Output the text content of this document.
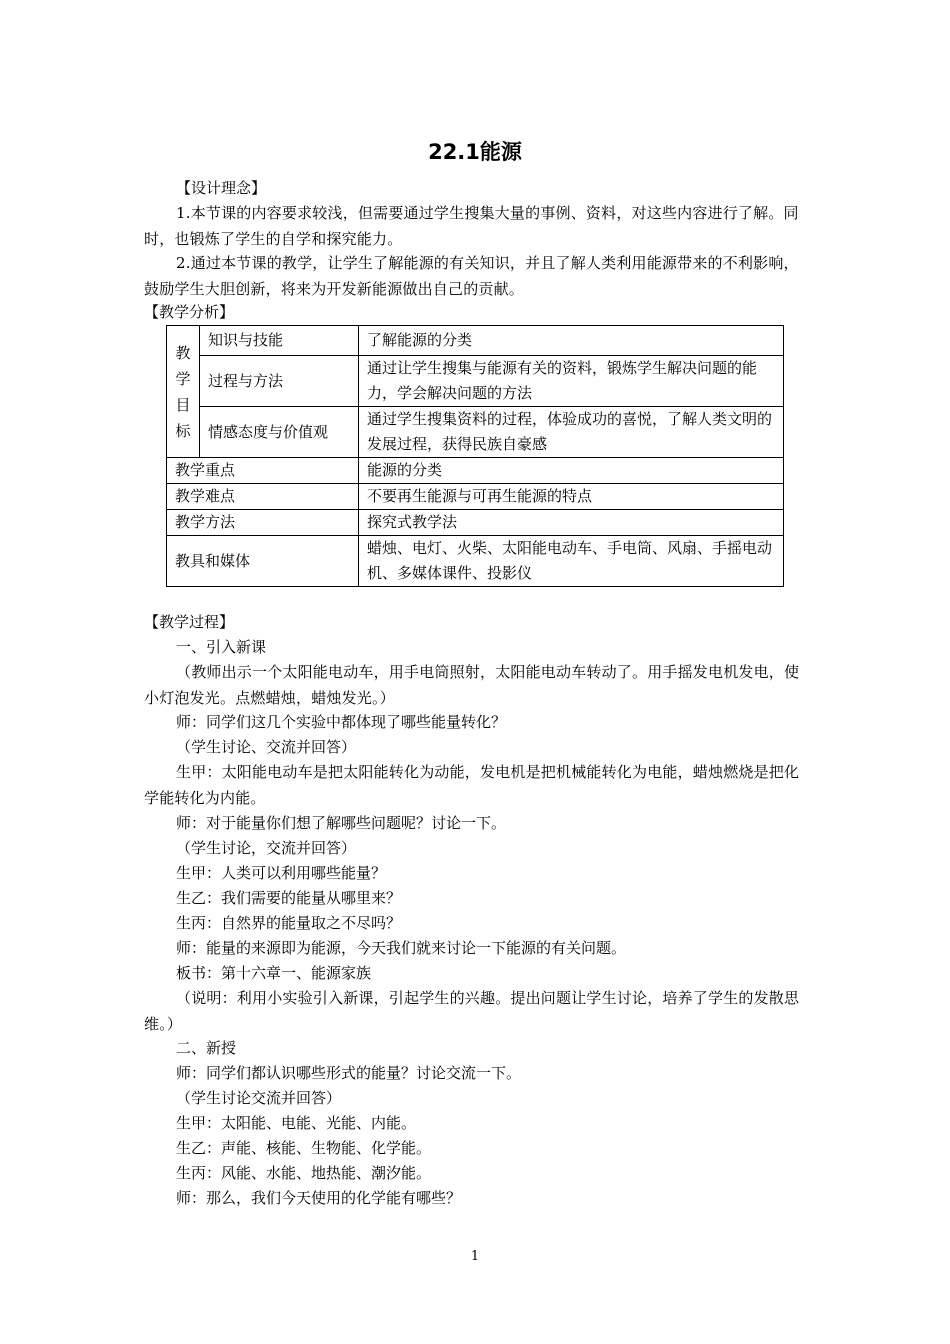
22.1能源
【设计理念】
1.本节课的内容要求较浅，但需要通过学生搜集大量的事例、资料，对这些内容进行了解。同时，也锻炼了学生的自学和探究能力。
2.通过本节课的教学，让学生了解能源的有关知识，并且了解人类利用能源带来的不利影响，鼓励学生大胆创新，将来为开发新能源做出自己的贡献。
【教学分析】
教学目标	知识与技能	了解能源的分类
	过程与方法	通过让学生搜集与能源有关的资料，锻炼学生解决问题的能力，学会解决问题的方法
	情感态度与价值观	通过学生搜集资料的过程，体验成功的喜悦，了解人类文明的发展过程，获得民族自豪感
教学重点		能源的分类
教学难点		不要再生能源与可再生能源的特点
教学方法		探究式教学法
教具和媒体		蜡烛、电灯、火柴、太阳能电动车、手电筒、风扇、手摇电动机、多媒体课件、投影仪
【教学过程】
一、引入新课
（教师出示一个太阳能电动车，用手电筒照射，太阳能电动车转动了。用手摇发电机发电，使小灯泡发光。点燃蜡烛，蜡烛发光。）
师：同学们这几个实验中都体现了哪些能量转化？
（学生讨论、交流并回答）
生甲：太阳能电动车是把太阳能转化为动能，发电机是把机械能转化为电能，蜡烛燃烧是把化学能转化为内能。
师：对于能量你们想了解哪些问题呢？讨论一下。
（学生讨论，交流并回答）
生甲：人类可以利用哪些能量？
生乙：我们需要的能量从哪里来？
生丙：自然界的能量取之不尽吗？
师：能量的来源即为能源，今天我们就来讨论一下能源的有关问题。
板书：第十六章一、能源家族
（说明：利用小实验引入新课，引起学生的兴趣。提出问题让学生讨论，培养了学生的发散思维。）
二、新授
师：同学们都认识哪些形式的能量？讨论交流一下。
（学生讨论交流并回答）
生甲：太阳能、电能、光能、内能。
生乙：声能、核能、生物能、化学能。
生丙：风能、水能、地热能、潮汐能。
师：那么，我们今天使用的化学能有哪些？
1
